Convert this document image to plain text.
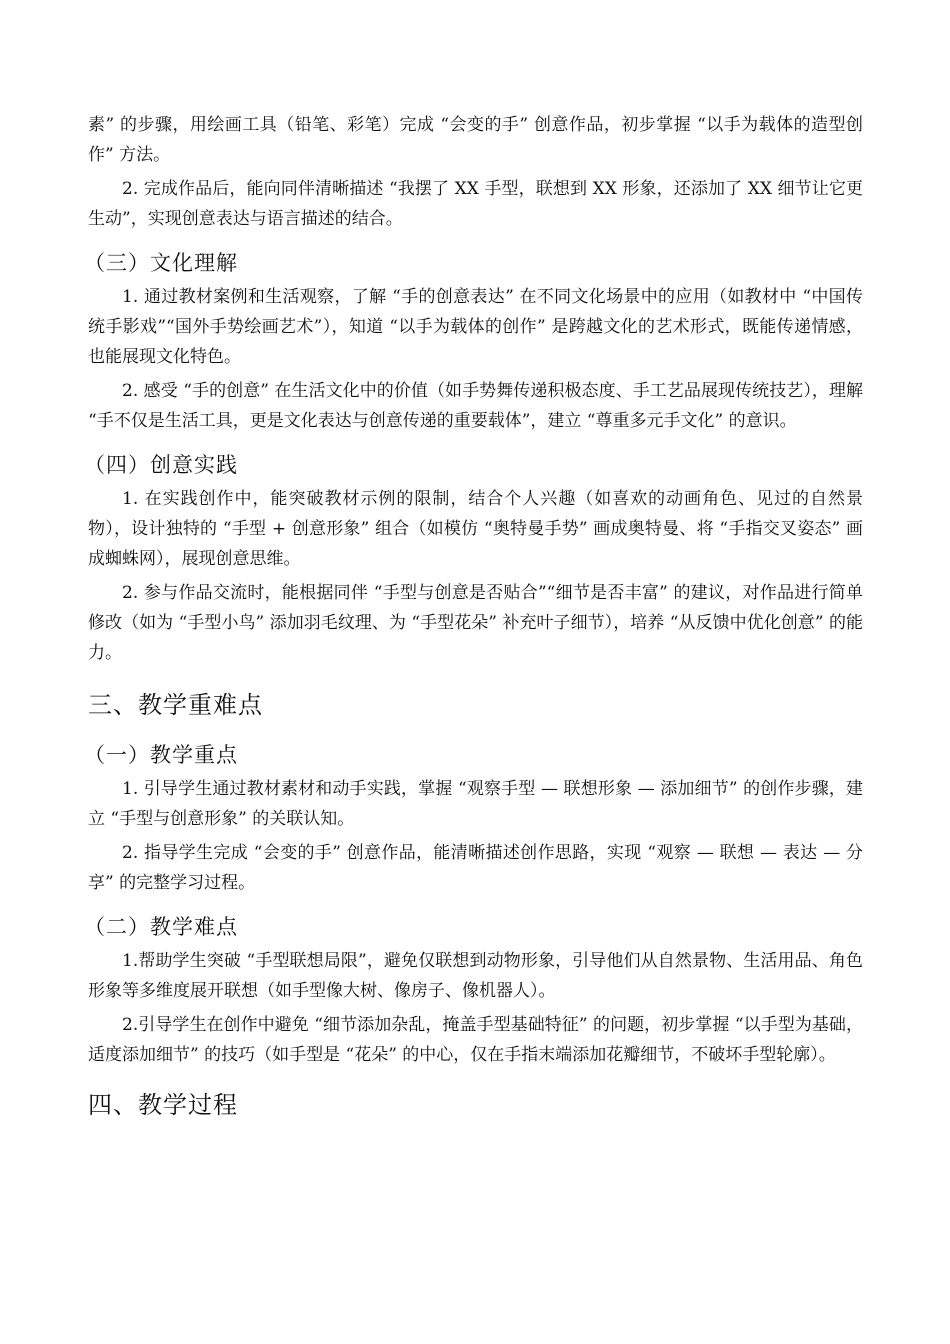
素” 的步骤，用绘画工具（铅笔、彩笔）完成 “会变的手” 创意作品，初步掌握 “以手为载体的造型创作” 方法。

2. 完成作品后，能向同伴清晰描述 “我摆了 XX 手型，联想到 XX 形象，还添加了 XX 细节让它更生动”，实现创意表达与语言描述的结合。

（三）文化理解

1. 通过教材案例和生活观察，了解 “手的创意表达” 在不同文化场景中的应用（如教材中 “中国传统手影戏”“国外手势绘画艺术”），知道 “以手为载体的创作” 是跨越文化的艺术形式，既能传递情感，也能展现文化特色。

2. 感受 “手的创意” 在生活文化中的价值（如手势舞传递积极态度、手工艺品展现传统技艺），理解 “手不仅是生活工具，更是文化表达与创意传递的重要载体”，建立 “尊重多元手文化” 的意识。

（四）创意实践

1. 在实践创作中，能突破教材示例的限制，结合个人兴趣（如喜欢的动画角色、见过的自然景物），设计独特的 “手型 + 创意形象” 组合（如模仿 “奥特曼手势” 画成奥特曼、将 “手指交叉姿态” 画成蜘蛛网），展现创意思维。

2. 参与作品交流时，能根据同伴 “手型与创意是否贴合”“细节是否丰富” 的建议，对作品进行简单修改（如为 “手型小鸟” 添加羽毛纹理、为 “手型花朵” 补充叶子细节），培养 “从反馈中优化创意” 的能力。

三、教学重难点
（一）教学重点

1. 引导学生通过教材素材和动手实践，掌握 “观察手型 — 联想形象 — 添加细节” 的创作步骤，建立 “手型与创意形象” 的关联认知。

2. 指导学生完成 “会变的手” 创意作品，能清晰描述创作思路，实现 “观察 — 联想 — 表达 — 分享” 的完整学习过程。

（二）教学难点

1.帮助学生突破 “手型联想局限”，避免仅联想到动物形象，引导他们从自然景物、生活用品、角色形象等多维度展开联想（如手型像大树、像房子、像机器人）。

2.引导学生在创作中避免 “细节添加杂乱，掩盖手型基础特征” 的问题，初步掌握 “以手型为基础，适度添加细节” 的技巧（如手型是 “花朵” 的中心，仅在手指末端添加花瓣细节，不破坏手型轮廓）。

四、教学过程
